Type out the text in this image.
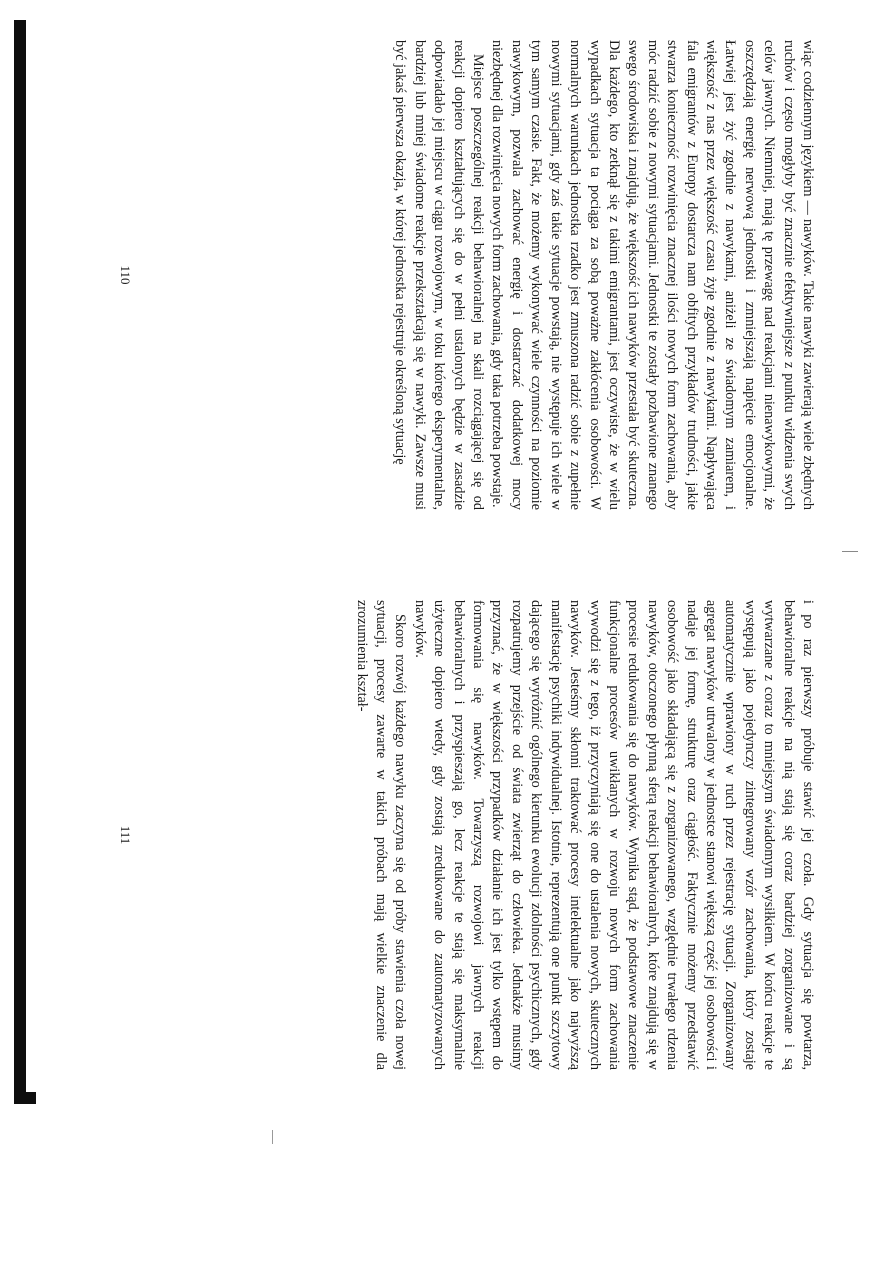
wiąc codziennym językiem — nawyków. Takie nawyki zawierają wiele zbędnych ruchów i często mogłyby być znacznie efektywniejsze z punktu widzenia swych celów jawnych. Niemniej, mają tę przewagę nad reakcjami nienawykowymi, że oszczędzają energię nerwową jednostki i zmniejszają napięcie emocjonalne. Łatwiej jest żyć zgodnie z nawykami, aniżeli ze świadomym zamiarem, i większość z nas przez większość czasu żyje zgodnie z nawykami. Napływająca fala emigrantów z Europy dostarcza nam obfitych przykładów trudności, jakie stwarza konieczność rozwinięcia znacznej ilości nowych form zachowania, aby móc radzić sobie z nowymi sytuacjami. Jednostki te zostały pozbawione znanego swego środowiska i znajdują, że większość ich nawyków przestała być skuteczna. Dla każdego, kto zetknął się z takimi emigrantami, jest oczywiste, że w wielu wypadkach sytuacja ta pociąga za sobą poważne zakłócenia osobowości. W normalnych warunkach jednostka rzadko jest zmuszona radzić sobie z zupełnie nowymi sytuacjami, gdy zaś takie sytuacje powstają, nie występuje ich wiele w tym samym czasie. Fakt, że możemy wykonywać wiele czynności na poziomie nawykowym, pozwala zachować energię i dostarczać dodatkowej mocy niezbędnej dla rozwinięcia nowych form zachowania, gdy taka potrzeba powstaje.

Miejsce poszczególnej reakcji behawioralnej na skali rozciągającej się od reakcji dopiero kształtujących się do w pełni ustalonych będzie w zasadzie odpowiadało jej miejscu w ciągu rozwojowym, w toku którego eksperymentalne, bardziej lub mniej świadome reakcje przekształcają się w nawyki. Zawsze musi być jakaś pierwsza okazja, w której jednostka rejestruje określoną sytuację

110

i po raz pierwszy próbuje stawić jej czoła. Gdy sytuacja się powtarza, behawioralne reakcje na nią stają się coraz bardziej zorganizowane i są wytwarzane z coraz to mniejszym świadomym wysiłkiem. W końcu reakcje te występują jako pojedynczy zintegrowany wzór zachowania, który zostaje automatycznie wprawiony w ruch przez rejestrację sytuacji. Zorganizowany agregat nawyków utrwalony w jednostce stanowi większą część jej osobowości i nadaje jej formę, strukturę oraz ciągłość. Faktycznie możemy przedstawić osobowość jako składającą się z zorganizowanego, względnie trwałego rdzenia nawyków, otoczonego płynną sferą reakcji behawioralnych, które znajdują się w procesie redukowania się do nawyków. Wynika stąd, że podstawowe znaczenie funkcjonalne procesów uwikłanych w rozwoju nowych form zachowania wywodzi się z tego, iż przyczyniają się one do ustalenia nowych, skutecznych nawyków. Jesteśmy skłonni traktować procesy intelektualne jako najwyższą manifestację psychiki indywidualnej. Istotnie, reprezentują one punkt szczytowy dającego się wyróżnić ogólnego kierunku ewolucji zdolności psychicznych, gdy rozpatrujemy przejście od świata zwierząt do człowieka. Jednakże musimy przyznać, że w większości przypadków działanie ich jest tylko wstępem do formowania się nawyków. Towarzyszą rozwojowi jawnych reakcji behawioralnych i przyspieszają go, lecz reakcje te stają się maksymalnie użyteczne dopiero wtedy, gdy zostają zredukowane do zautomatyzowanych nawyków.

Skoro rozwój każdego nawyku zaczyna się od próby stawienia czoła nowej sytuacji, procesy zawarte w takich próbach mają wielkie znaczenie dla zrozumienia kształ-

111
